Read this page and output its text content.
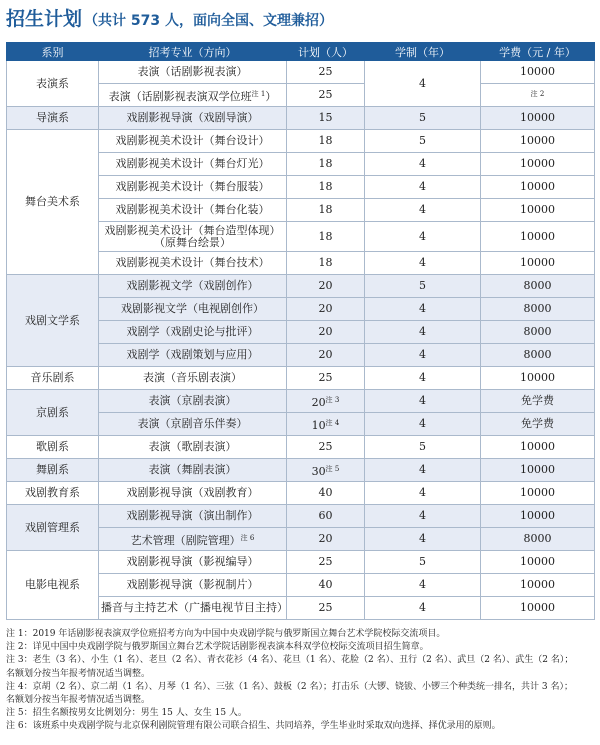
招生计划 （共计 573 人，面向全国、文理兼招）
系别	招考专业（方向）	计划（人）	学制（年）	学费（元 / 年）
表演系	表演（话剧影视表演）	25	4	10000
	表演（话剧影视表演双学位班$^{注 1}$）	25		$^{注 2}$
导演系	戏剧影视导演（戏剧导演）	15	5	10000
舞台美术系	戏剧影视美术设计（舞台设计）	18	5	10000
	戏剧影视美术设计（舞台灯光）	18	4	10000
	戏剧影视美术设计（舞台服装）	18	4	10000
	戏剧影视美术设计（舞台化装）	18	4	10000
	戏剧影视美术设计（舞台造型体现）
（原舞台绘景）	18	4	10000
	戏剧影视美术设计（舞台技术）	18	4	10000
戏剧文学系	戏剧影视文学（戏剧创作）	20	5	8000
	戏剧影视文学（电视剧创作）	20	4	8000
	戏剧学（戏剧史论与批评）	20	4	8000
	戏剧学（戏剧策划与应用）	20	4	8000
音乐剧系	表演（音乐剧表演）	25	4	10000
京剧系	表演（京剧表演）	$20^{注 3}$	4	免学费
	表演（京剧音乐伴奏）	$10^{注 4}$	4	免学费
歌剧系	表演（歌剧表演）	25	5	10000
舞剧系	表演（舞剧表演）	$30^{注 5}$	4	10000
戏剧教育系	戏剧影视导演（戏剧教育）	40	4	10000
戏剧管理系	戏剧影视导演（演出制作）	60	4	10000
	艺术管理（剧院管理）$^{注 6}$	20	4	8000
电影电视系	戏剧影视导演（影视编导）	25	5	10000
	戏剧影视导演（影视制片）	40	4	10000
	播音与主持艺术（广播电视节目主持）	25	4	10000
注 1：2019 年话剧影视表演双学位班招考方向为中国中央戏剧学院与俄罗斯国立舞台艺术学院校际交流项目。
注 2：详见中国中央戏剧学院与俄罗斯国立舞台艺术学院话剧影视表演本科双学位校际交流项目招生简章。
注 3：老生（3 名）、小生（1 名）、老旦（2 名）、青衣花衫（4 名）、花旦（1 名）、花脸（2 名）、丑行（2 名）、武旦（2 名）、武生（2 名）；
名额划分按当年报考情况适当调整。
注 4：京胡（2 名）、京二胡（1 名）、月琴（1 名）、三弦（1 名）、鼓板（2 名）；打击乐（大锣、铙钹、小锣三个种类统一排名，共计 3 名）；
名额划分按当年报考情况适当调整。
注 5：招生名额按男女比例划分：男生 15 人、女生 15 人。
注 6：该班系中央戏剧学院与北京保利剧院管理有限公司联合招生、共同培养，学生毕业时采取双向选择、择优录用的原则。
